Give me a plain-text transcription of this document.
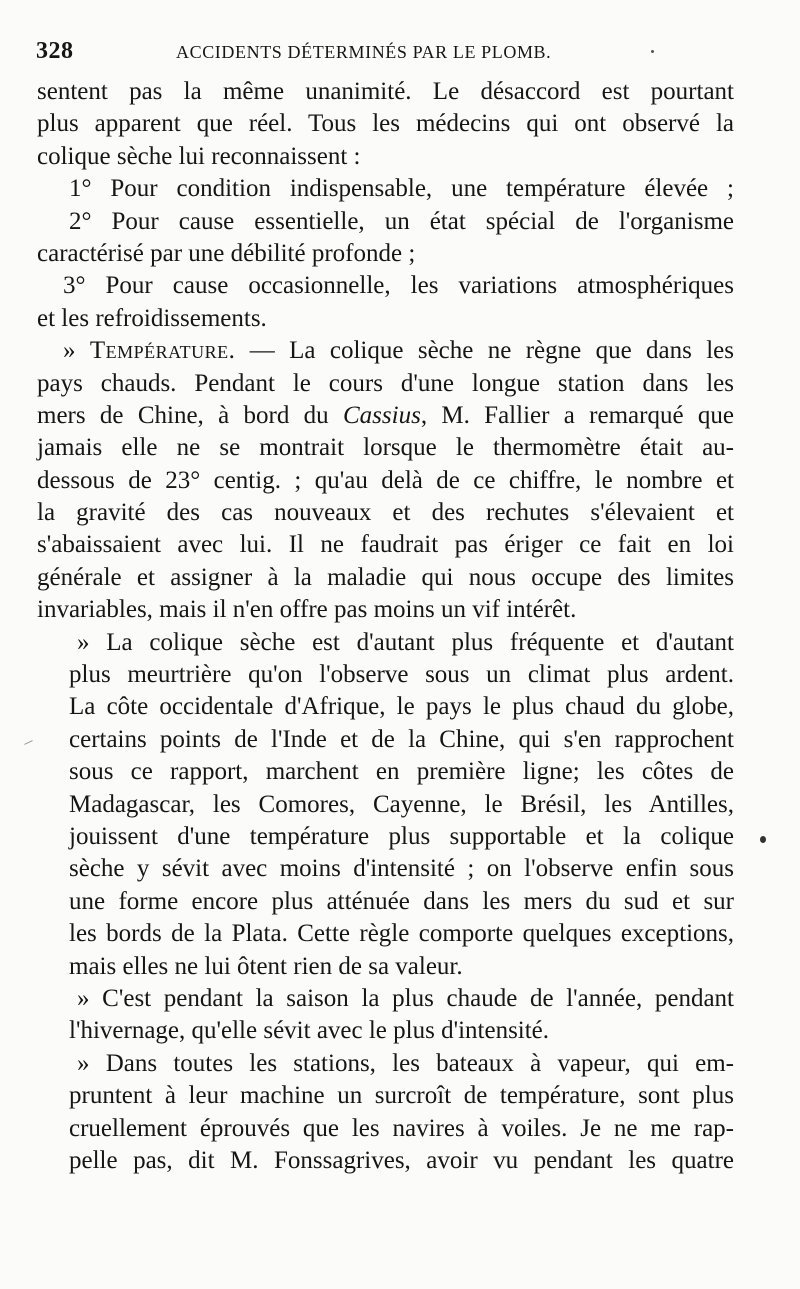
328	ACCIDENTS DÉTERMINÉS PAR LE PLOMB.
sentent pas la même unanimité. Le désaccord est pourtant
plus apparent que réel. Tous les médecins qui ont observé la
colique sèche lui reconnaissent :
1° Pour condition indispensable, une température élevée ;
2° Pour cause essentielle, un état spécial de l'organisme
caractérisé par une débilité profonde ;
3° Pour cause occasionnelle, les variations atmosphériques
et les refroidissements.
» Température. — La colique sèche ne règne que dans les
pays chauds. Pendant le cours d'une longue station dans les
mers de Chine, à bord du Cassius, M. Fallier a remarqué que
jamais elle ne se montrait lorsque le thermomètre était au-
dessous de 23° centig. ; qu'au delà de ce chiffre, le nombre et
la gravité des cas nouveaux et des rechutes s'élevaient et
s'abaissaient avec lui. Il ne faudrait pas ériger ce fait en loi
générale et assigner à la maladie qui nous occupe des limites
invariables, mais il n'en offre pas moins un vif intérêt.
» La colique sèche est d'autant plus fréquente et d'autant
plus meurtrière qu'on l'observe sous un climat plus ardent.
La côte occidentale d'Afrique, le pays le plus chaud du globe,
certains points de l'Inde et de la Chine, qui s'en rapprochent
sous ce rapport, marchent en première ligne; les côtes de
Madagascar, les Comores, Cayenne, le Brésil, les Antilles,
jouissent d'une température plus supportable et la colique
sèche y sévit avec moins d'intensité ; on l'observe enfin sous
une forme encore plus atténuée dans les mers du sud et sur
les bords de la Plata. Cette règle comporte quelques exceptions,
mais elles ne lui ôtent rien de sa valeur.
» C'est pendant la saison la plus chaude de l'année, pendant
l'hivernage, qu'elle sévit avec le plus d'intensité.
» Dans toutes les stations, les bateaux à vapeur, qui em-
pruntent à leur machine un surcroît de température, sont plus
cruellement éprouvés que les navires à voiles. Je ne me rap-
pelle pas, dit M. Fonssagrives, avoir vu pendant les quatre
